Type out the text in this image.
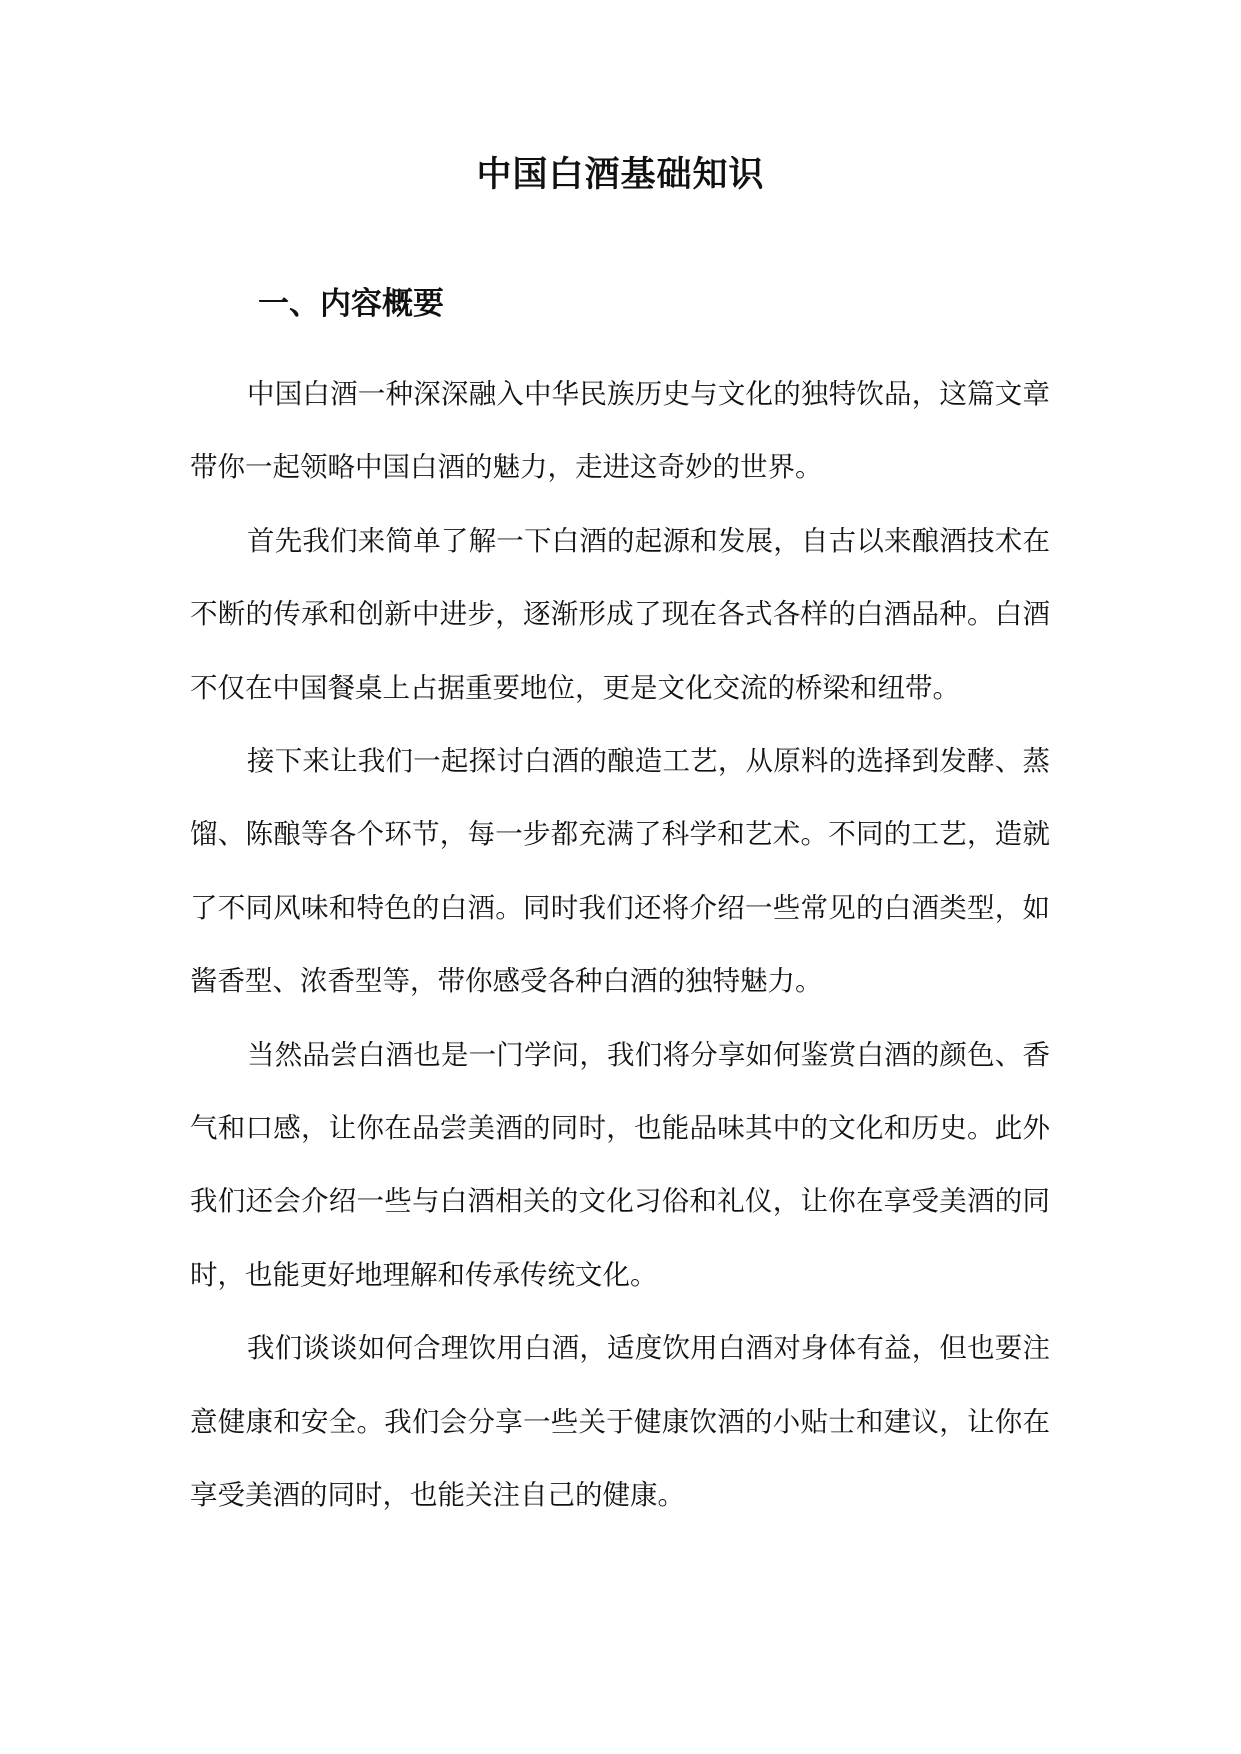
中国白酒基础知识
一、内容概要

中国白酒一种深深融入中华民族历史与文化的独特饮品，这篇文章带你一起领略中国白酒的魅力，走进这奇妙的世界。

首先我们来简单了解一下白酒的起源和发展，自古以来酿酒技术在不断的传承和创新中进步，逐渐形成了现在各式各样的白酒品种。白酒不仅在中国餐桌上占据重要地位，更是文化交流的桥梁和纽带。

接下来让我们一起探讨白酒的酿造工艺，从原料的选择到发酵、蒸馏、陈酿等各个环节，每一步都充满了科学和艺术。不同的工艺，造就了不同风味和特色的白酒。同时我们还将介绍一些常见的白酒类型，如酱香型、浓香型等，带你感受各种白酒的独特魅力。

当然品尝白酒也是一门学问，我们将分享如何鉴赏白酒的颜色、香气和口感，让你在品尝美酒的同时，也能品味其中的文化和历史。此外我们还会介绍一些与白酒相关的文化习俗和礼仪，让你在享受美酒的同时，也能更好地理解和传承传统文化。

我们谈谈如何合理饮用白酒，适度饮用白酒对身体有益，但也要注意健康和安全。我们会分享一些关于健康饮酒的小贴士和建议，让你在享受美酒的同时，也能关注自己的健康。
